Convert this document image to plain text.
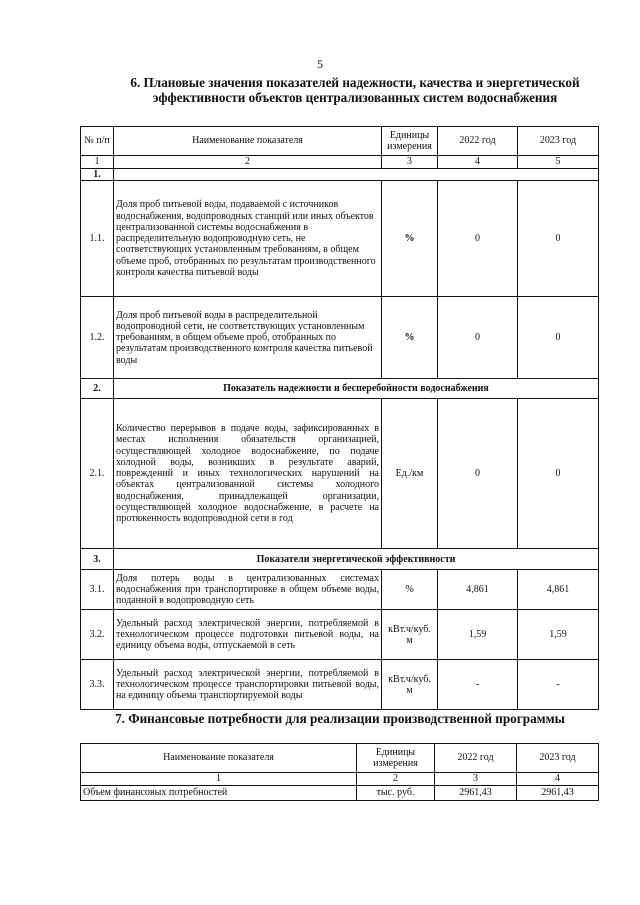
5
6. Плановые значения показателей надежности, качества и энергетической эффективности объектов централизованных систем водоснабжения
№ п/п	Наименование показателя	Единицы измерения	2022 год	2023 год
1	2	3	4	5
1.				
1.1.	Доля проб питьевой воды, подаваемой с источников водоснабжения, водопроводных станций или иных объектов централизованной системы водоснабжения в распределительную водопроводную сеть, не соответствующих установленным требованиям, в общем объеме проб, отобранных по результатам производственного контроля качества питьевой воды	%	0	0
1.2.	Доля проб питьевой воды в распределительной водопроводной сети, не соответствующих установленным требованиям, в общем объеме проб, отобранных по результатам производственного контроля качества питьевой воды	%	0	0
2.	Показатель надежности и бесперебойности водоснабжения			
2.1.	Количество перерывов в подаче воды, зафиксированных в местах исполнения обязательств организацией, осуществляющей холодное водоснабжение, по подаче холодной воды, возникших в результате аварий, повреждений и иных технологических нарушений на объектах централизованной системы холодного водоснабжения, принадлежащей организации, осуществляющей холодное водоснабжение, в расчете на протяженность водопроводной сети в год	Ед./км	0	0
3.	Показатели энергетической эффективности			
3.1.	Доля потерь воды в централизованных системах водоснабжения при транспортировке в общем объеме воды, поданной в водопроводную сеть	%	4,861	4,861
3.2.	Удельный расход электрической энергии, потребляемой в технологическом процессе подготовки питьевой воды, на единицу объема воды, отпускаемой в сеть	кВт.ч/куб. м	1,59	1,59
3.3.	Удельный расход электрической энергии, потребляемой в технологическом процессе транспортировки питьевой воды, на единицу объема транспортируемой воды	кВт.ч/куб. м	-	-
7. Финансовые потребности для реализации производственной программы
Наименование показателя	Единицы измерения	2022 год	2023 год
1	2	3	4
Объем финансовых потребностей	тыс. руб.	2961,43	2961,43
